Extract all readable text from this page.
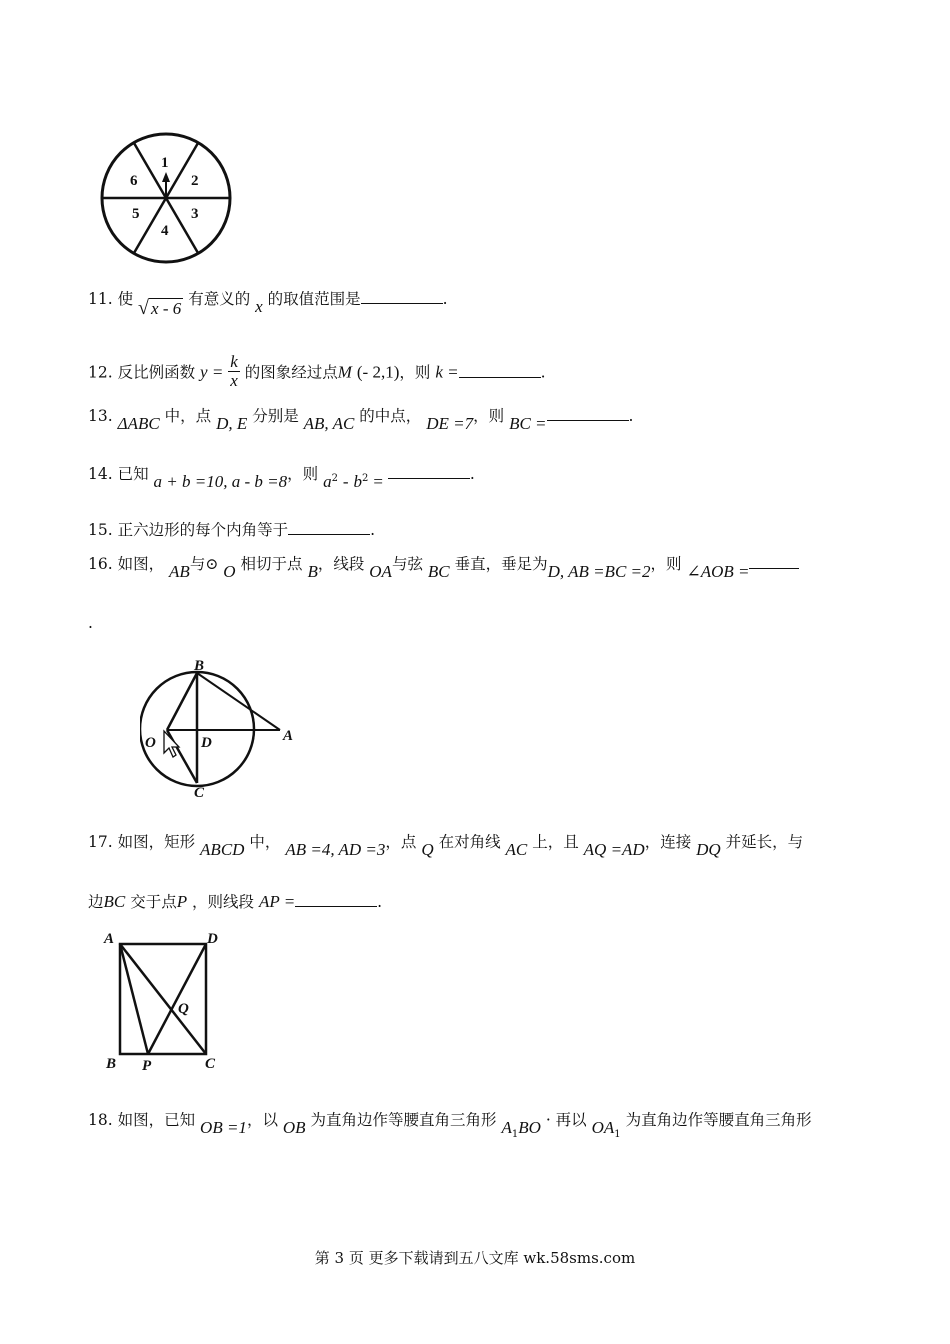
1
2
3
4
5
6
11. 使 √ x - 6 有意义的 x 的取值范围是	.
12. 反比例函数 $y = \frac{k}{x}$ 的图象经过点M (- 2,1)，则 k =	.
13. ΔABC 中，点 D, E 分别是 AB, AC 的中点， DE =7，则 BC =	.
14. 已知 a + b =10, a - b =8，则 $a^2 - b^2$ =	.
15. 正六边形的每个内角等于	.
16. 如图， AB与⊙ O 相切于点 B，线段 OA与弦 BC 垂直，垂足为D, AB =BC =2，则 ∠AOB =
.
B
O	D	A
C
17. 如图，矩形 ABCD 中， AB =4, AD =3，点 Q 在对角线 AC 上，且 AQ =AD，连接 DQ 并延长，与
边BC 交于点P ，则线段 AP =	.
A	D
Q
B P	C
18. 如图，已知 OB =1，以 OB 为直角边作等腰直角三角形 $A_1BO$ · 再以 $OA_1$ 为直角边作等腰直角三角形
第 3 页 更多下载请到五八文库 wk.58sms.com
